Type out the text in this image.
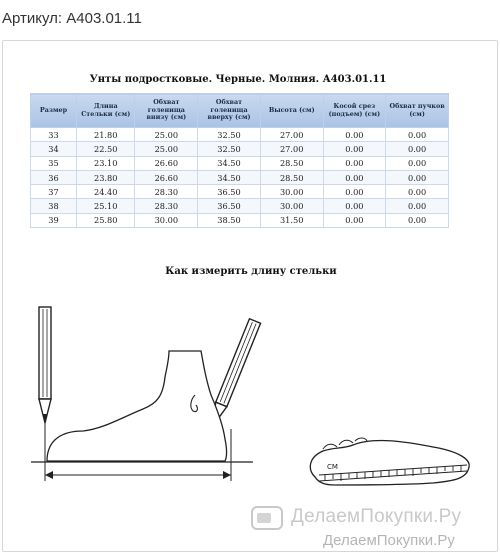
Артикул: А403.01.11
Унты подростковые. Черные. Молния. А403.01.11
Размер	Длина Стельки (см)	Обхват голенища внизу (см)	Обхват голенища вверху (см)	Высота (см)	Косой срез (подъем) (см)	Обхват пучков (см)
33	21.80	25.00	32.50	27.00	0.00	0.00
34	22.50	25.00	32.50	27.00	0.00	0.00
35	23.10	26.60	34.50	28.50	0.00	0.00
36	23.80	26.60	34.50	28.50	0.00	0.00
37	24.40	28.30	36.50	30.00	0.00	0.00
38	25.10	28.30	36.50	30.00	0.00	0.00
39	25.80	30.00	38.50	31.50	0.00	0.00
Как измерить длину стельки
СМ
ДелаемПокупки.Ру
ДелаемПокупки.Ру
